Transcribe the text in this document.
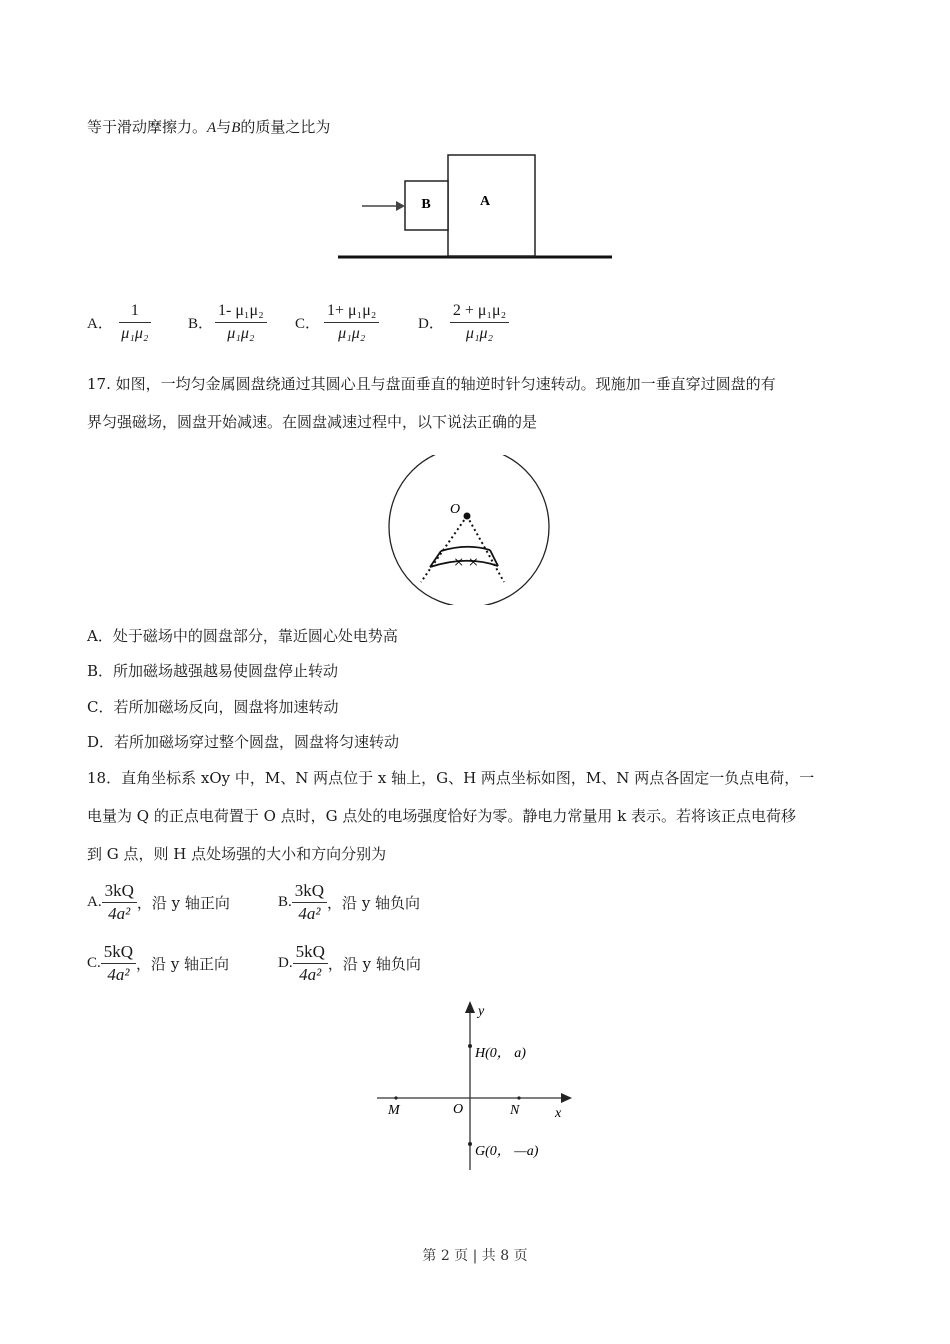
等于滑动摩擦力。A与B的质量之比为
B	A
A． $\frac{1}{\text{μ₁μ₂}}$ B． $\frac{\text{1- μ₁μ₂}}{\text{μ₁μ₂}}$ C． $\frac{\text{1+ μ₁μ₂}}{\text{μ₁μ₂}}$	D． $\frac{\text{2 + μ₁μ₂}}{\text{μ₁μ₂}}$
17. 如图，一均匀金属圆盘绕通过其圆心且与盘面垂直的轴逆时针匀速转动。现施加一垂直穿过圆盘的有
界匀强磁场，圆盘开始减速。在圆盘减速过程中，以下说法正确的是
O
× ×
A．处于磁场中的圆盘部分，靠近圆心处电势高
B．所加磁场越强越易使圆盘停止转动
C．若所加磁场反向，圆盘将加速转动
D．若所加磁场穿过整个圆盘，圆盘将匀速转动
18．直角坐标系 xOy 中，M、N 两点位于 x 轴上，G、H 两点坐标如图，M、N 两点各固定一负点电荷，一
电量为 Q 的正点电荷置于 O 点时，G 点处的电场强度恰好为零。静电力常量用 k 表示。若将该正点电荷移
到 G 点，则 H 点处场强的大小和方向分别为
A. $\frac{3kQ}{\text{4a²}}$ ，沿 y 轴正向	B. $\frac{3kQ}{\text{4a²}}$ ，沿 y 轴负向
C. $\frac{5kQ}{\text{4a²}}$ ，沿 y 轴正向	D. $\frac{5kQ}{\text{4a²}}$ ，沿 y 轴负向
y
x
O
M	N
H(0， a)
G(0， —a)
第 2 页 | 共 8 页
